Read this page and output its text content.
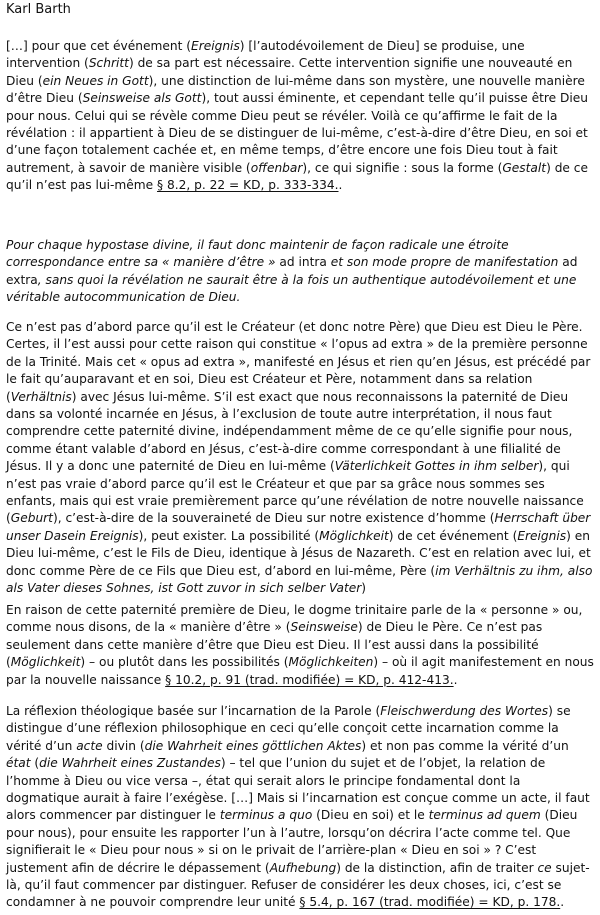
Karl Barth

[…] pour que cet événement (Ereignis) [l’autodévoilement de Dieu] se produise, une intervention (Schritt) de sa part est nécessaire. Cette intervention signifie une nouveauté en Dieu (ein Neues in Gott), une distinction de lui-même dans son mystère, une nouvelle manière d’être Dieu (Seinsweise als Gott), tout aussi éminente, et cependant telle qu’il puisse être Dieu pour nous. Celui qui se révèle comme Dieu peut se révéler. Voilà ce qu’affirme le fait de la révélation : il appartient à Dieu de se distinguer de lui-même, c’est-à-dire d’être Dieu, en soi et d’une façon totalement cachée et, en même temps, d’être encore une fois Dieu tout à fait autrement, à savoir de manière visible (offenbar), ce qui signifie : sous la forme (Gestalt) de ce qu’il n’est pas lui-même § 8.2, p. 22 = KD, p. 333-334..

Pour chaque hypostase divine, il faut donc maintenir de façon radicale une étroite correspondance entre sa « manière d’être » ad intra et son mode propre de manifestation ad extra, sans quoi la révélation ne saurait être à la fois un authentique autodévoilement et une véritable autocommunication de Dieu.

Ce n’est pas d’abord parce qu’il est le Créateur (et donc notre Père) que Dieu est Dieu le Père. Certes, il l’est aussi pour cette raison qui constitue « l’opus ad extra » de la première personne de la Trinité. Mais cet « opus ad extra », manifesté en Jésus et rien qu’en Jésus, est précédé par le fait qu’auparavant et en soi, Dieu est Créateur et Père, notamment dans sa relation (Verhältnis) avec Jésus lui-même. S’il est exact que nous reconnaissons la paternité de Dieu dans sa volonté incarnée en Jésus, à l’exclusion de toute autre interprétation, il nous faut comprendre cette paternité divine, indépendamment même de ce qu’elle signifie pour nous, comme étant valable d’abord en Jésus, c’est-à-dire comme correspondant à une filialité de Jésus. Il y a donc une paternité de Dieu en lui-même (Väterlichkeit Gottes in ihm selber), qui n’est pas vraie d’abord parce qu’il est le Créateur et que par sa grâce nous sommes ses enfants, mais qui est vraie premièrement parce qu’une révélation de notre nouvelle naissance (Geburt), c’est-à-dire de la souveraineté de Dieu sur notre existence d’homme (Herrschaft über unser Dasein Ereignis), peut exister. La possibilité (Möglichkeit) de cet événement (Ereignis) en Dieu lui-même, c’est le Fils de Dieu, identique à Jésus de Nazareth. C’est en relation avec lui, et donc comme Père de ce Fils que Dieu est, d’abord en lui-même, Père (im Verhältnis zu ihm, also als Vater dieses Sohnes, ist Gott zuvor in sich selber Vater)

En raison de cette paternité première de Dieu, le dogme trinitaire parle de la « personne » ou, comme nous disons, de la « manière d’être » (Seinsweise) de Dieu le Père. Ce n’est pas seulement dans cette manière d’être que Dieu est Dieu. Il l’est aussi dans la possibilité (Möglichkeit) – ou plutôt dans les possibilités (Möglichkeiten) – où il agit manifestement en nous par la nouvelle naissance § 10.2, p. 91 (trad. modifiée) = KD, p. 412-413..

La réflexion théologique basée sur l’incarnation de la Parole (Fleischwerdung des Wortes) se distingue d’une réflexion philosophique en ceci qu’elle conçoit cette incarnation comme la vérité d’un acte divin (die Wahrheit eines göttlichen Aktes) et non pas comme la vérité d’un état (die Wahrheit eines Zustandes) – tel que l’union du sujet et de l’objet, la relation de l’homme à Dieu ou vice versa –, état qui serait alors le principe fondamental dont la dogmatique aurait à faire l’exégèse. […] Mais si l’incarnation est conçue comme un acte, il faut alors commencer par distinguer le terminus a quo (Dieu en soi) et le terminus ad quem (Dieu pour nous), pour ensuite les rapporter l’un à l’autre, lorsqu’on décrira l’acte comme tel. Que signifierait le « Dieu pour nous » si on le privait de l’arrière-plan « Dieu en soi » ? C’est justement afin de décrire le dépassement (Aufhebung) de la distinction, afin de traiter ce sujet-là, qu’il faut commencer par distinguer. Refuser de considérer les deux choses, ici, c’est se condamner à ne pouvoir comprendre leur unité § 5.4, p. 167 (trad. modifiée) = KD, p. 178..
